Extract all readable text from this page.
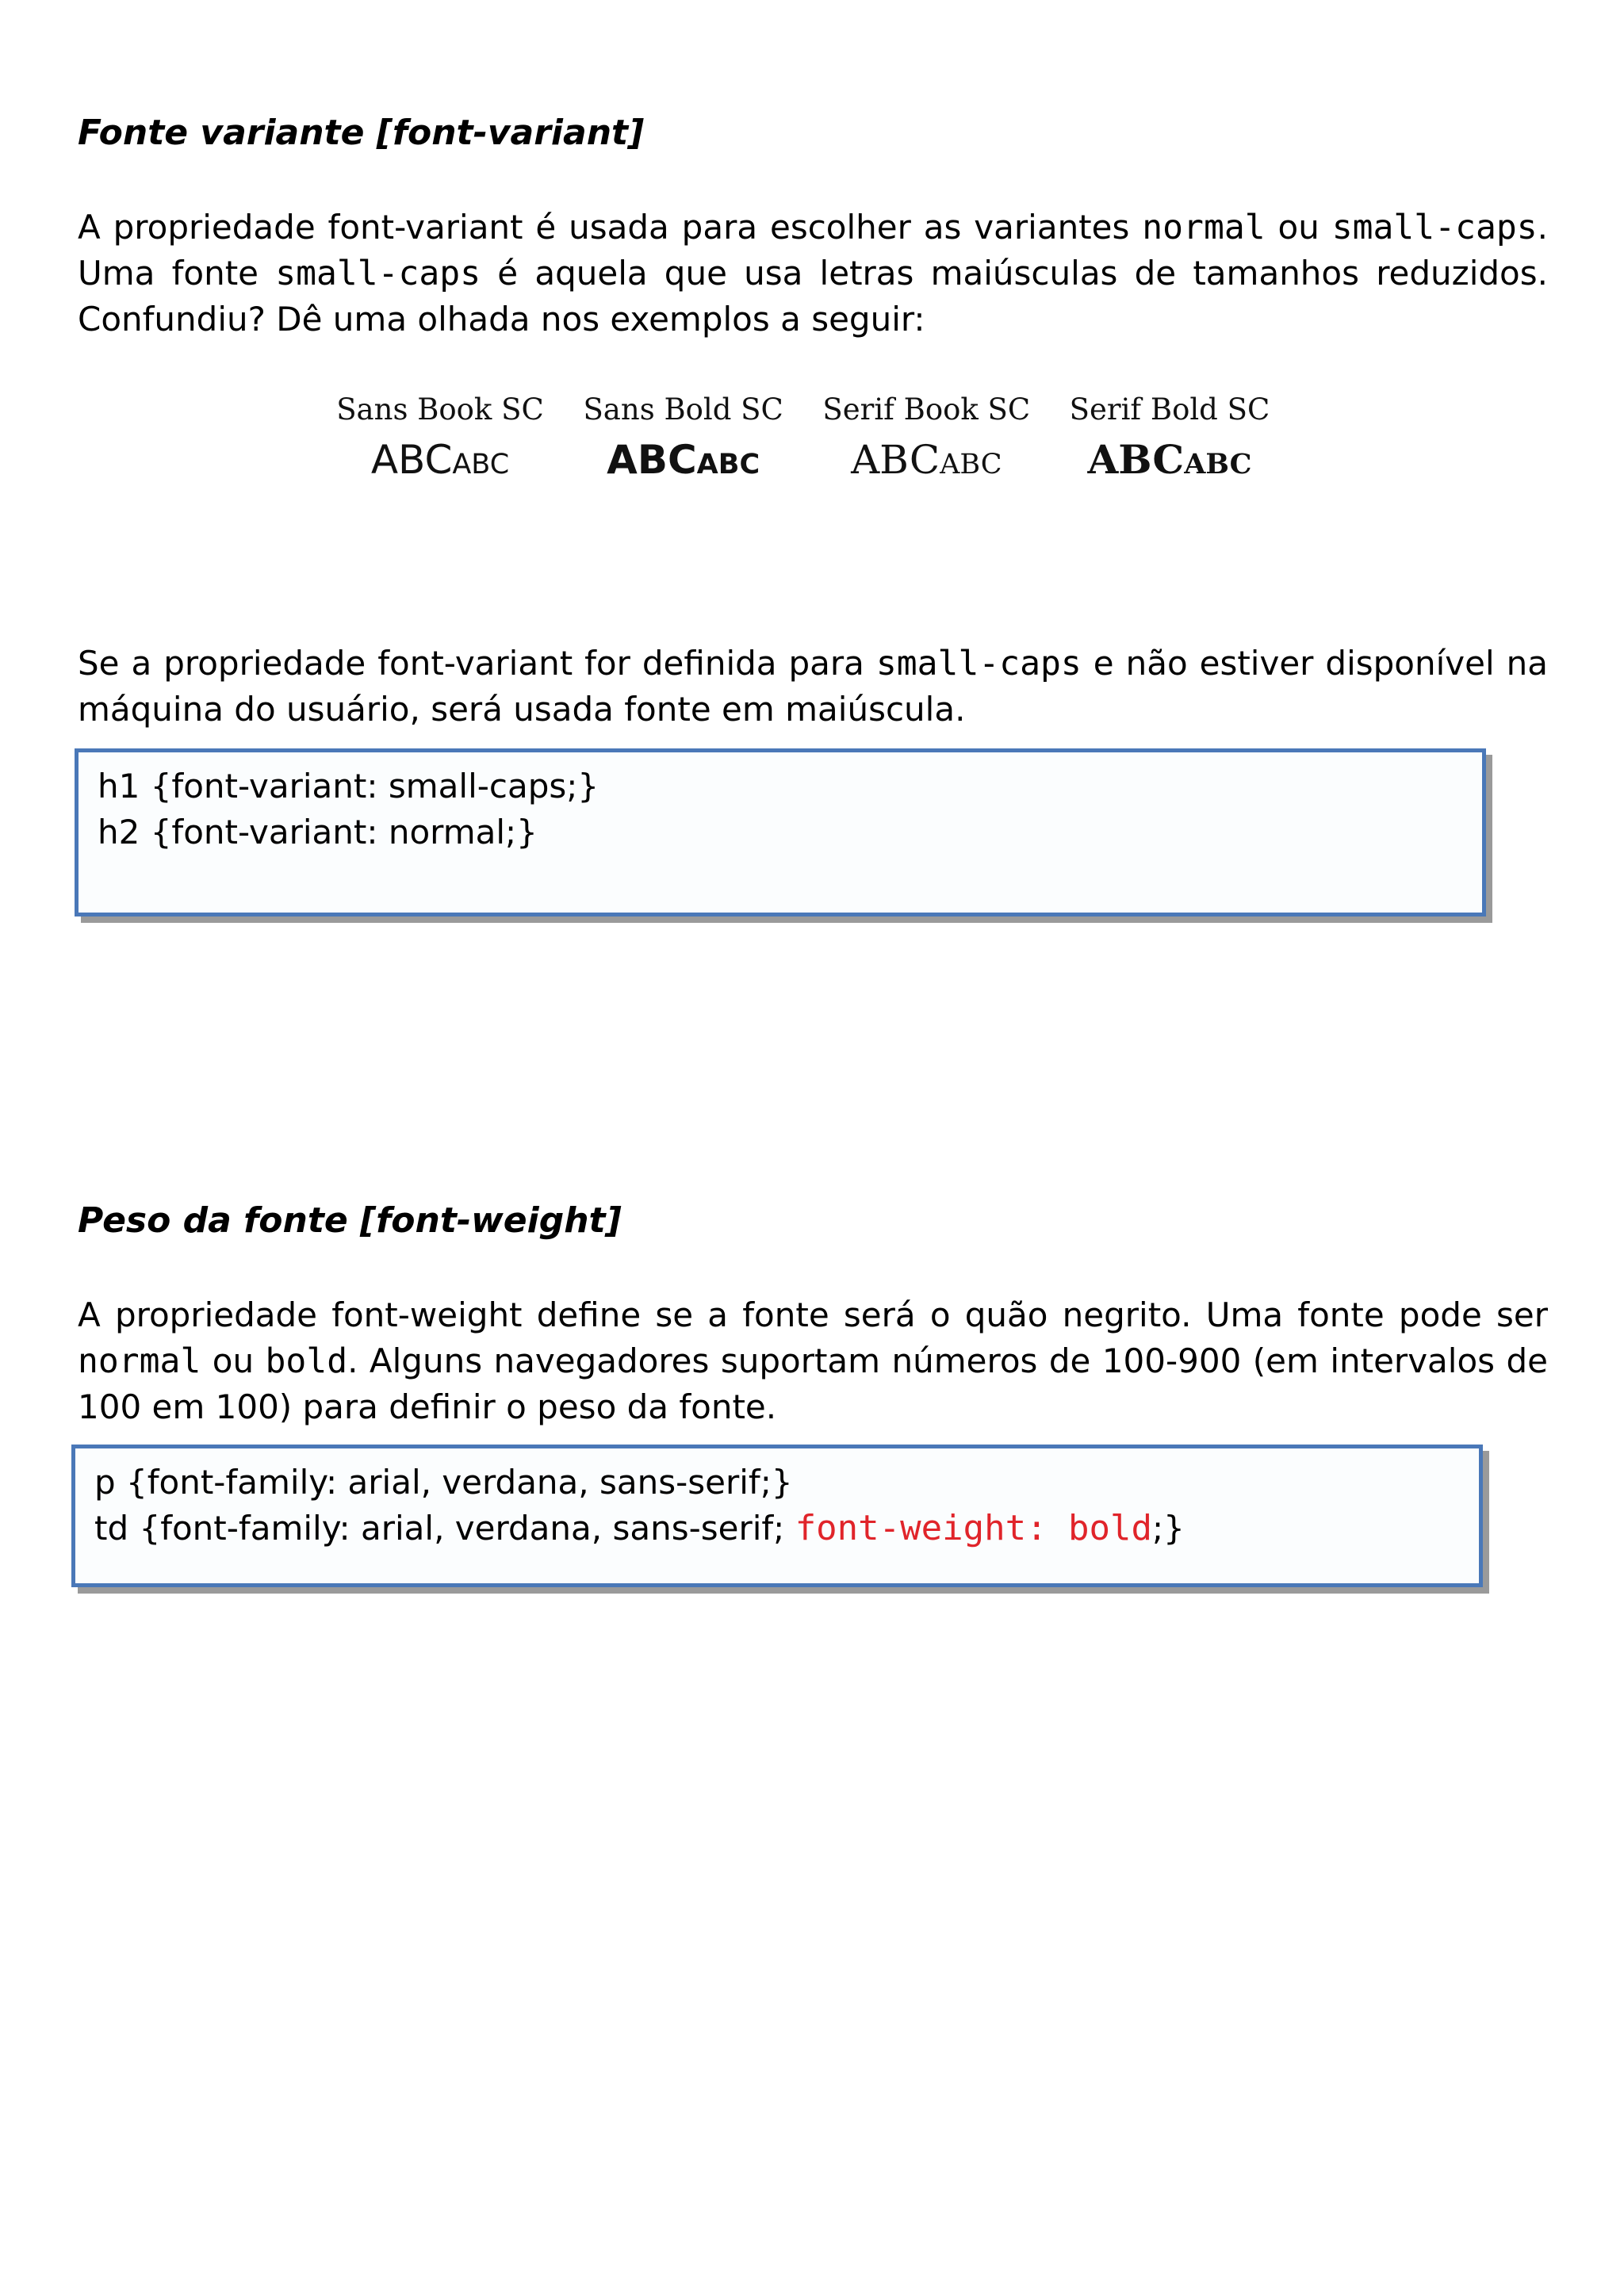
Fonte variante [font-variant]

A propriedade font-variant é usada para escolher as variantes normal ou small-caps. Uma fonte small-caps é aquela que usa letras maiúsculas de tamanhos reduzidos. Confundiu? Dê uma olhada nos exemplos a seguir:

Sans Book SC
ABCabc
Sans Bold SC
ABCabc
Serif Book SC
ABCabc
Serif Bold SC
ABCabc

Se a propriedade font-variant for definida para small-caps e não estiver disponível na máquina do usuário, será usada fonte em maiúscula.

h1 {font-variant: small-caps;}
h2 {font-variant: normal;}
Peso da fonte [font-weight]

A propriedade font-weight define se a fonte será o quão negrito. Uma fonte pode ser normal ou bold. Alguns navegadores suportam números de 100-900 (em intervalos de 100 em 100) para definir o peso da fonte.

p {font-family: arial, verdana, sans-serif;}
td {font-family: arial, verdana, sans-serif; font-weight: bold;}
